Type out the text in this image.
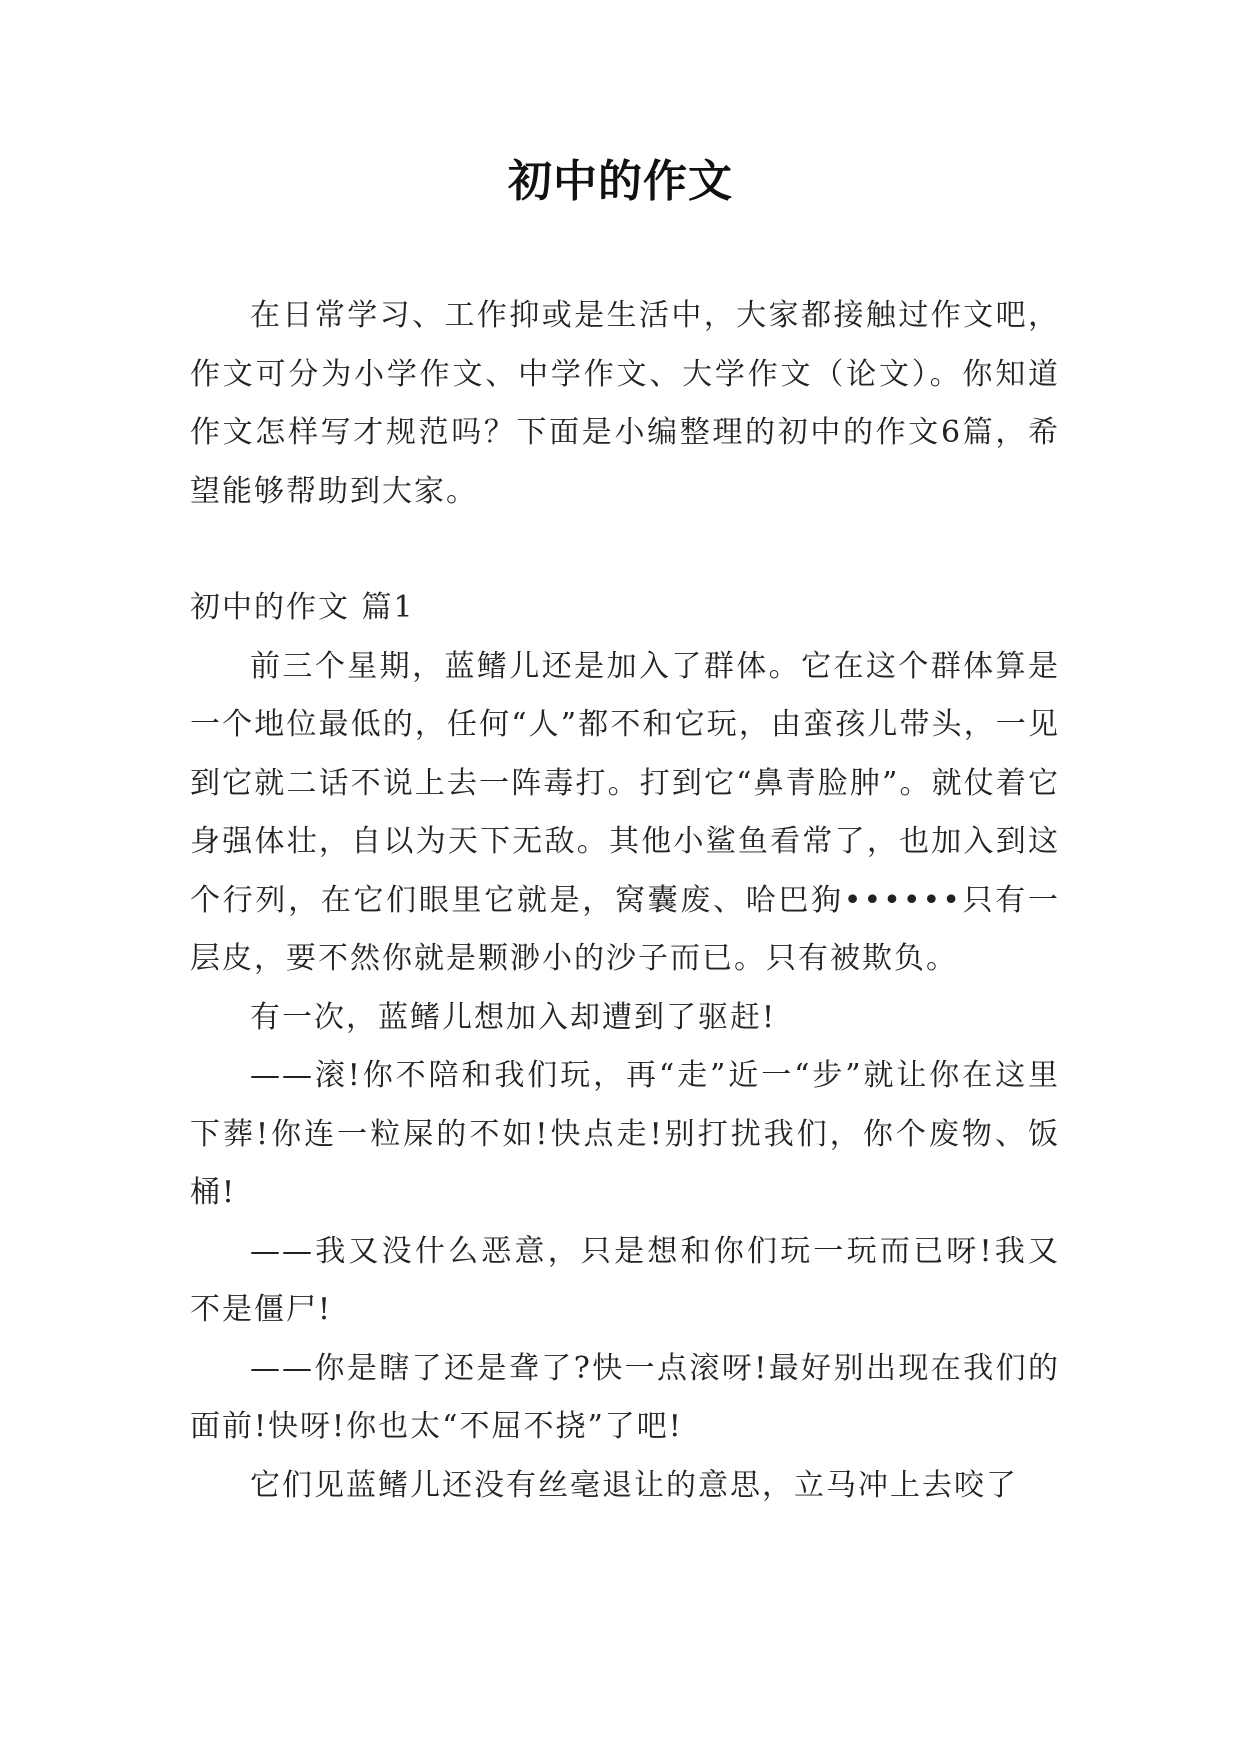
初中的作文

在日常学习、工作抑或是生活中，大家都接触过作文吧，作文可分为小学作文、中学作文、大学作文（论文）。你知道作文怎样写才规范吗？下面是小编整理的初中的作文6篇，希望能够帮助到大家。

初中的作文 篇1

前三个星期，蓝鳍儿还是加入了群体。它在这个群体算是一个地位最低的，任何“人”都不和它玩，由蛮孩儿带头，一见到它就二话不说上去一阵毒打。打到它“鼻青脸肿”。就仗着它身强体壮，自以为天下无敌。其他小鲨鱼看常了，也加入到这个行列，在它们眼里它就是，窝囊废、哈巴狗••••••只有一层皮，要不然你就是颗渺小的沙子而已。只有被欺负。

有一次，蓝鳍儿想加入却遭到了驱赶!

——滚!你不陪和我们玩，再“走”近一“步”就让你在这里下葬!你连一粒屎的不如!快点走!别打扰我们，你个废物、饭桶!

——我又没什么恶意，只是想和你们玩一玩而已呀!我又不是僵尸!

——你是瞎了还是聋了?快一点滚呀!最好别出现在我们的面前!快呀!你也太“不屈不挠”了吧!

它们见蓝鳍儿还没有丝毫退让的意思，立马冲上去咬了
